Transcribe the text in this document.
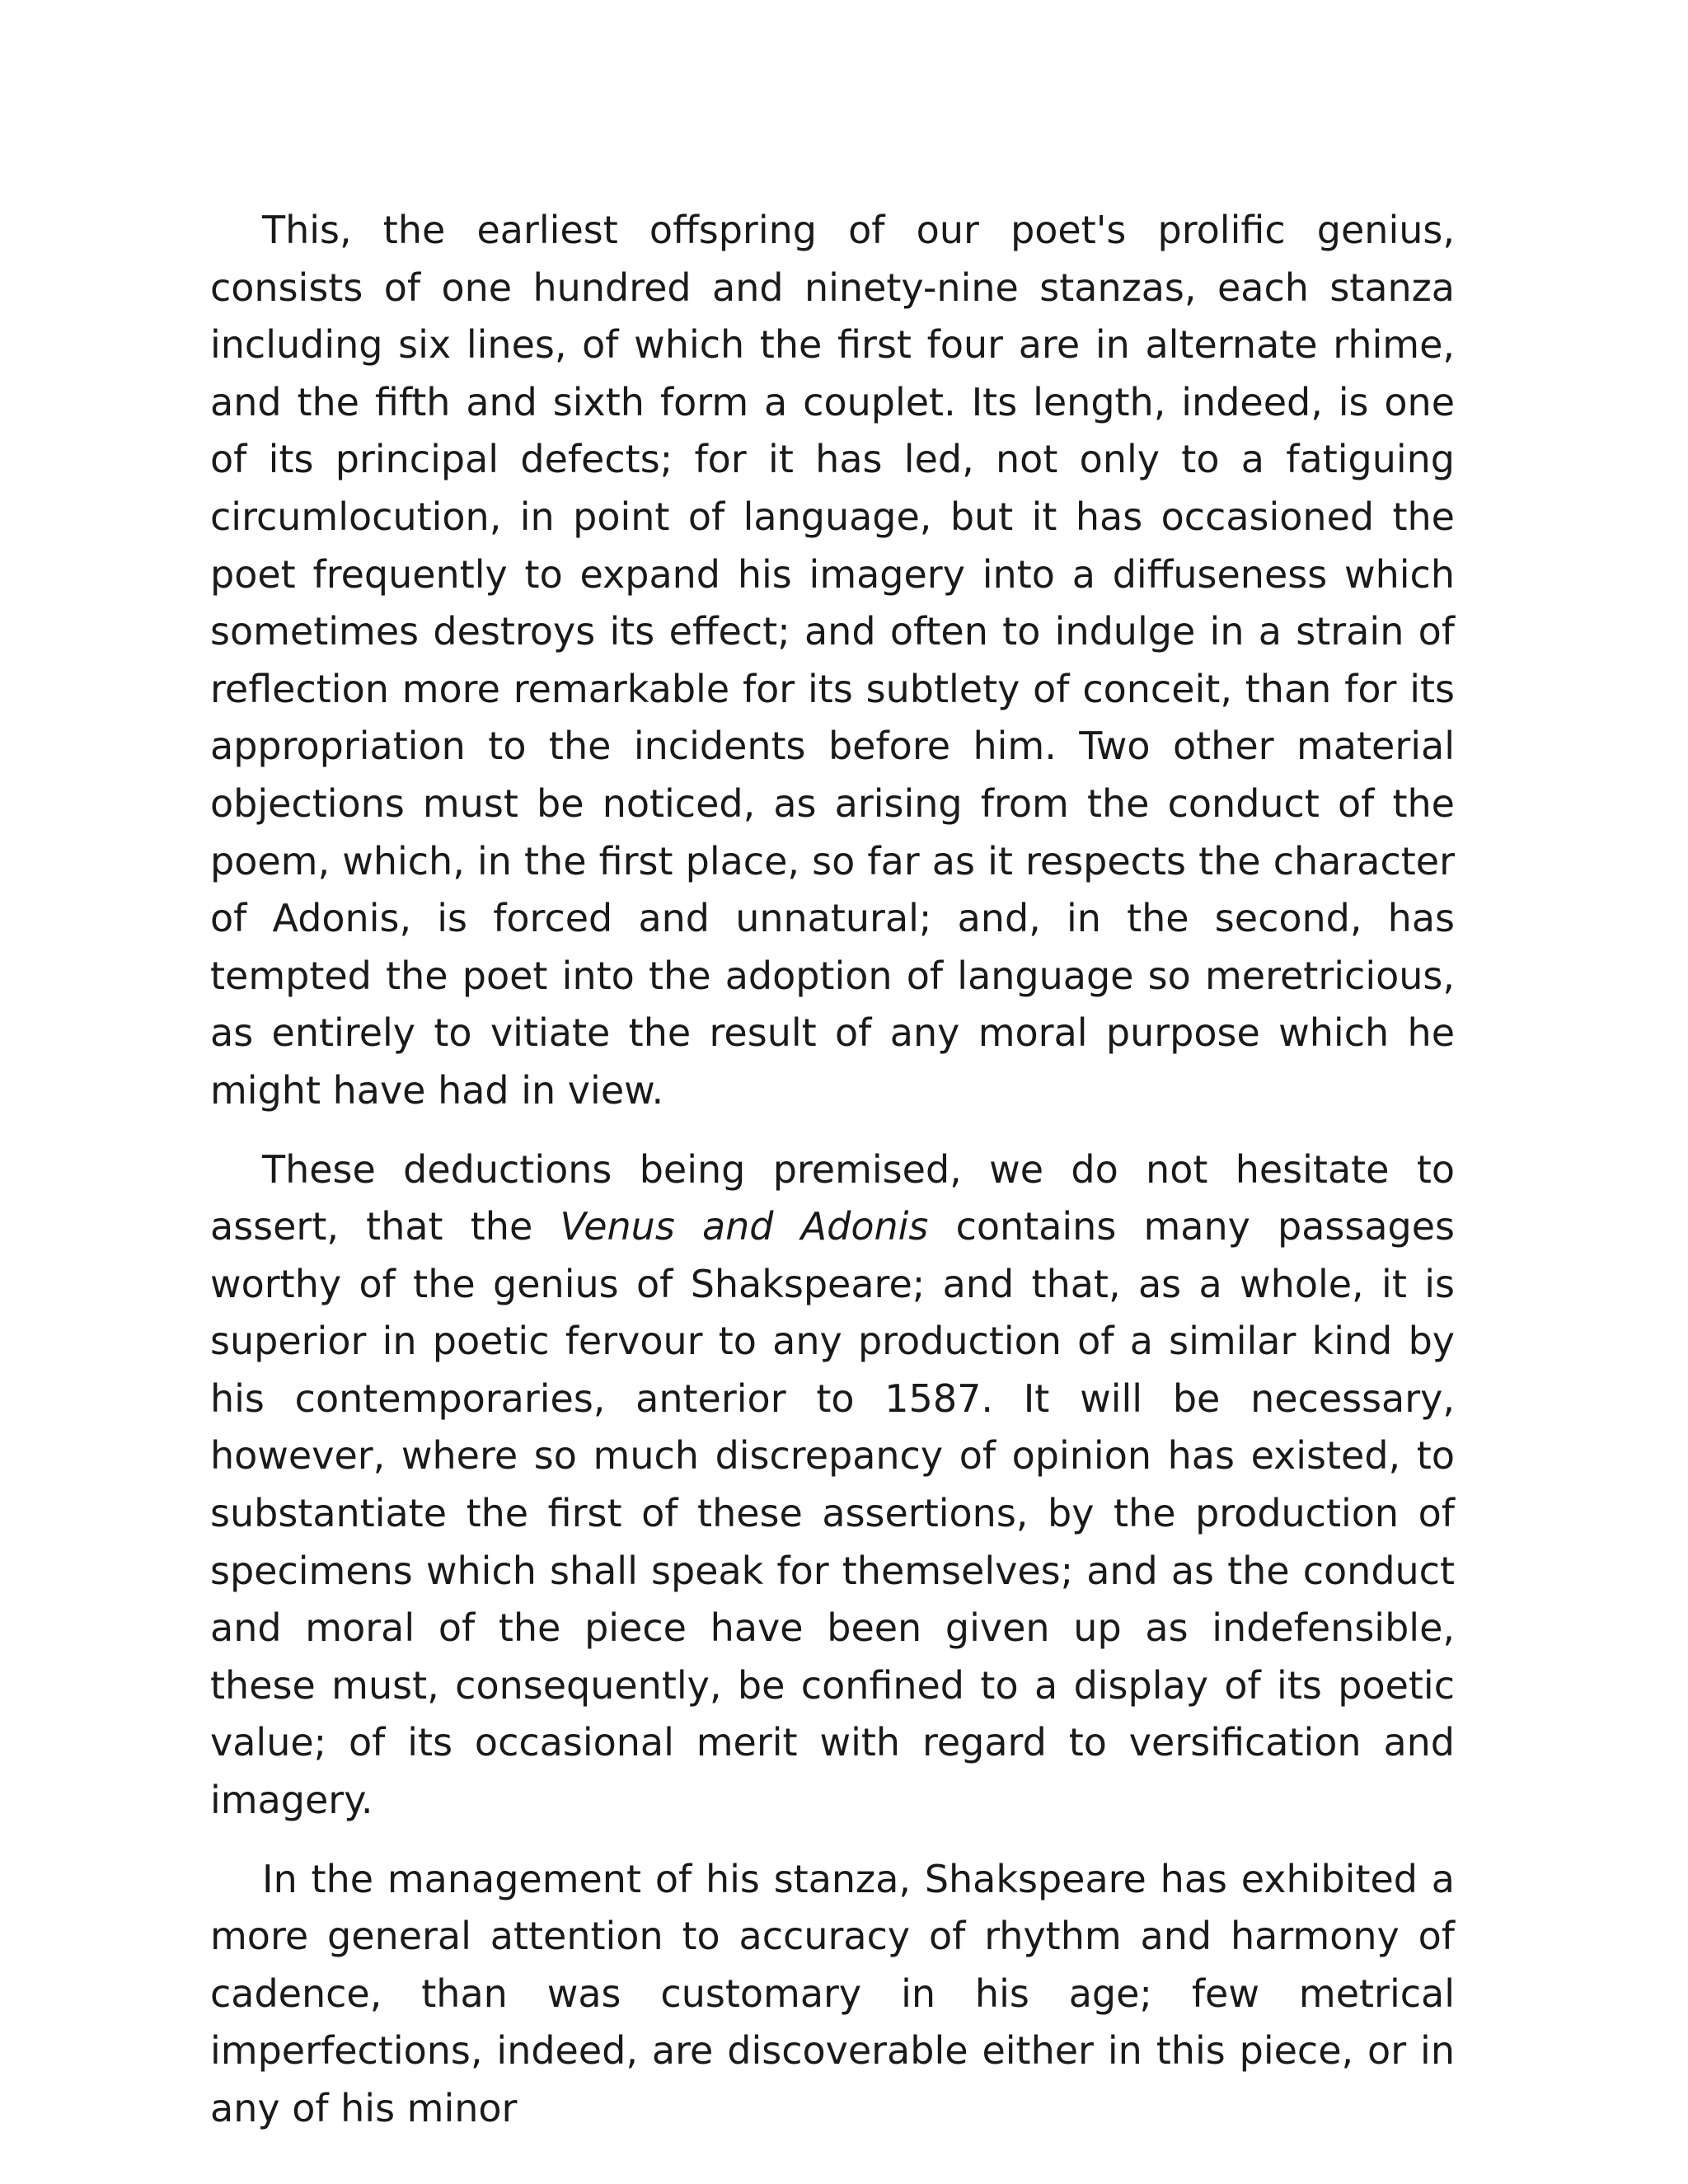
This, the earliest offspring of our poet's prolific genius, consists of one hundred and ninety-nine stanzas, each stanza including six lines, of which the first four are in alternate rhime, and the fifth and sixth form a couplet. Its length, indeed, is one of its principal defects; for it has led, not only to a fatiguing circumlocution, in point of language, but it has occasioned the poet frequently to expand his imagery into a diffuseness which sometimes destroys its effect; and often to indulge in a strain of reflection more remarkable for its subtlety of conceit, than for its appropriation to the incidents before him. Two other material objections must be noticed, as arising from the conduct of the poem, which, in the first place, so far as it respects the character of Adonis, is forced and unnatural; and, in the second, has tempted the poet into the adoption of language so meretricious, as entirely to vitiate the result of any moral purpose which he might have had in view.

These deductions being premised, we do not hesitate to assert, that the Venus and Adonis contains many passages worthy of the genius of Shakspeare; and that, as a whole, it is superior in poetic fervour to any production of a similar kind by his contemporaries, anterior to 1587. It will be necessary, however, where so much discrepancy of opinion has existed, to substantiate the first of these assertions, by the production of specimens which shall speak for themselves; and as the conduct and moral of the piece have been given up as indefensible, these must, consequently, be confined to a display of its poetic value; of its occasional merit with regard to versification and imagery.

In the management of his stanza, Shakspeare has exhibited a more general attention to accuracy of rhythm and harmony of cadence, than was customary in his age; few metrical imperfections, indeed, are discoverable either in this piece, or in any of his minor
